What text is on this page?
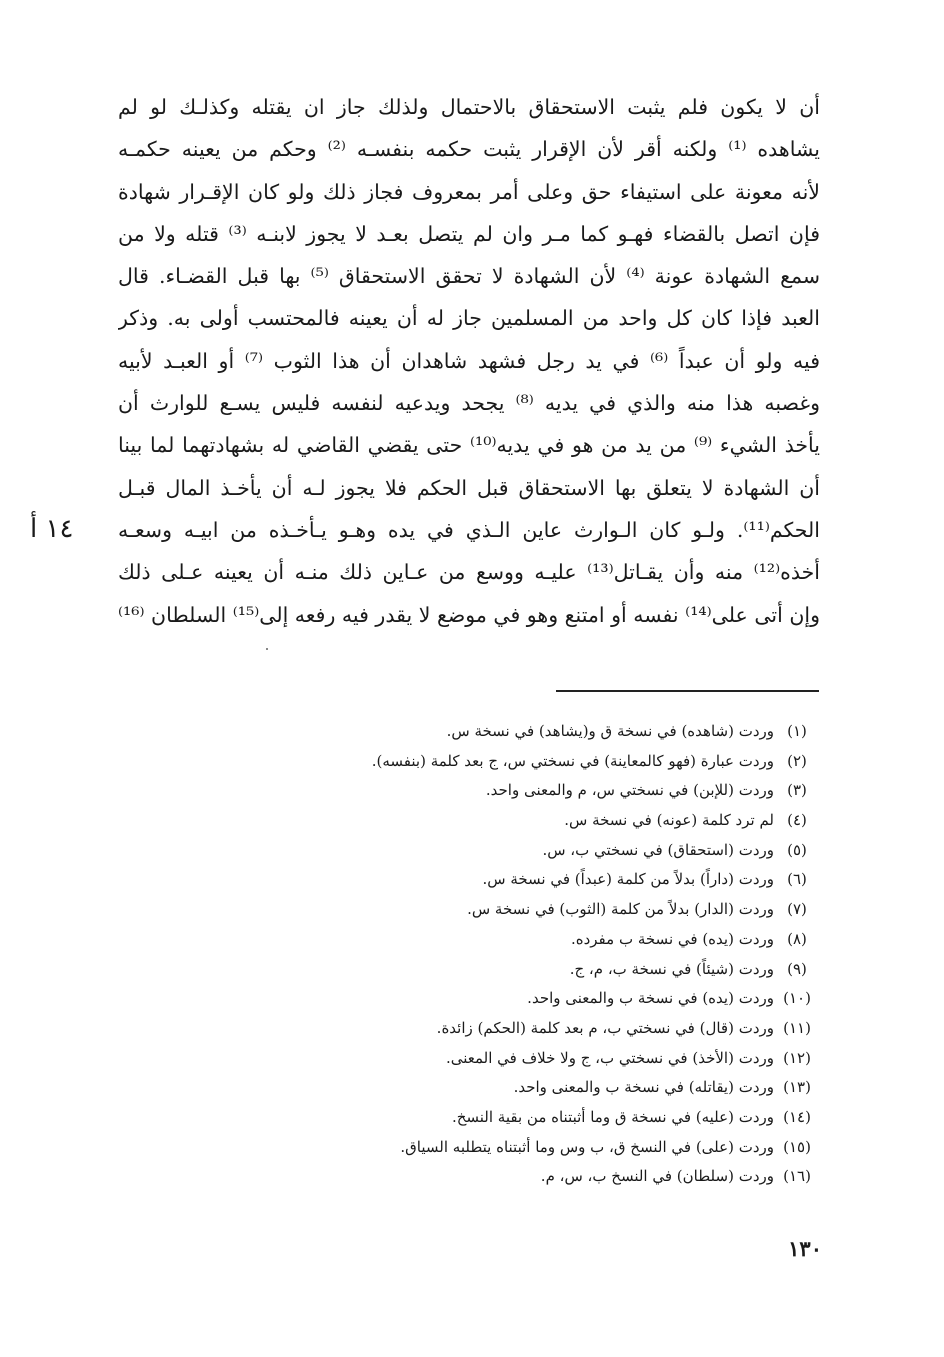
أن لا يكون فلم يثبت الاستحقاق بالاحتمال ولذلك جاز ان يقتله وكذلـك لو لم
يشاهده ⁽¹⁾ ولكنه أقر لأن الإقرار يثبت حكمه بنفسـه ⁽²⁾ وحكم من يعينه حكمـه
لأنه معونة على استيفاء حق وعلى أمر بمعروف فجاز ذلك ولو كان الإقـرار شهادة
فإن اتصل بالقضاء فهـو كما مـر وان لم يتصل بعـد لا يجوز لابنـه ⁽³⁾ قتله ولا من
سمع الشهادة عونة ⁽⁴⁾ لأن الشهادة لا تحقق الاستحقاق ⁽⁵⁾ بها قبل القضـاء. قال
العبد فإذا كان كل واحد من المسلمين جاز له أن يعينه فالمحتسب أولى به. وذكر
فيه ولو أن عبداً ⁽⁶⁾ في يد رجل فشهد شاهدان أن هذا الثوب ⁽⁷⁾ أو العبـد لأبيه
وغصبه هذا منه والذي في يديه ⁽⁸⁾ يجحد ويدعيه لنفسه فليس يسـع للوارث أن
يأخذ الشيء ⁽⁹⁾ من يد من هو في يديه⁽¹⁰⁾ حتى يقضي القاضي له بشهادتهما لما بينا
أن الشهادة لا يتعلق بها الاستحقاق قبل الحكم فلا يجوز لـه أن يأخـذ المال قبـل
الحكم⁽¹¹⁾. ولـو كان الـوارث عاين الـذي في يده وهـو يـأخـذه من ابيـه وسعـه
أخذه⁽¹²⁾ منه وأن يقـاتل⁽¹³⁾ عليـه ووسع من عـاين ذلك منـه أن يعينه عـلى ذلك
وإن أتى على⁽¹⁴⁾ نفسه أو امتنع وهو في موضع لا يقدر فيه رفعه إلى⁽¹⁵⁾ السلطان ⁽¹⁶⁾
١٤ أ
(١)وردت (شاهده) في نسخة ق و(يشاهد) في نسخة س.
(٢)وردت عبارة (فهو كالمعاينة) في نسختي س، ج بعد كلمة (بنفسه).
(٣)وردت (للإبن) في نسختي س، م والمعنى واحد.
(٤)لم ترد كلمة (عونه) في نسخة س.
(٥)وردت (استحقاق) في نسختي ب، س.
(٦)وردت (داراً) بدلاً من كلمة (عبداً) في نسخة س.
(٧)وردت (الدار) بدلاً من كلمة (الثوب) في نسخة س.
(٨)وردت (يده) في نسخة ب مفرده.
(٩)وردت (شيئاً) في نسخة ب، م، ج.
(١٠)وردت (يده) في نسخة ب والمعنى واحد.
(١١)وردت (قال) في نسختي ب، م بعد كلمة (الحكم) زائدة.
(١٢)وردت (الأخذ) في نسختي ب، ج ولا خلاف في المعنى.
(١٣)وردت (يقاتله) في نسخة ب والمعنى واحد.
(١٤)وردت (عليه) في نسخة ق وما أثبتناه من بقية النسخ.
(١٥)وردت (على) في النسخ ق، ب وس وما أثبتناه يتطلبه السياق.
(١٦)وردت (سلطان) في النسخ ب، س، م.
١٣٠
